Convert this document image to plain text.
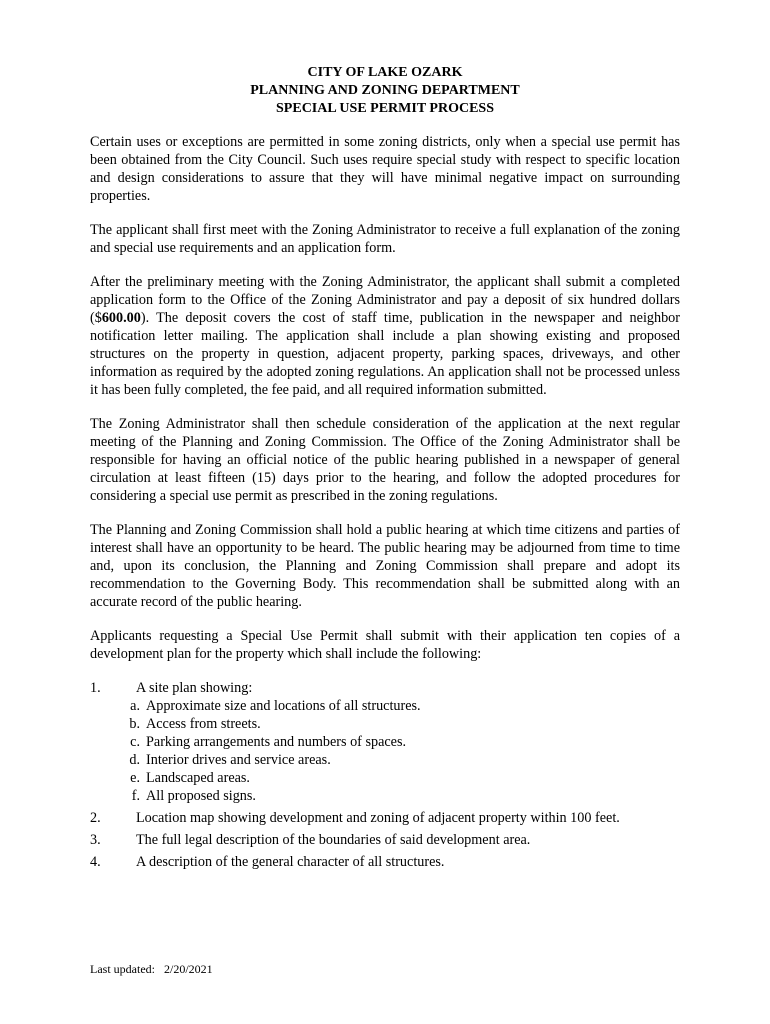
CITY OF LAKE OZARK
PLANNING AND ZONING DEPARTMENT
SPECIAL USE PERMIT PROCESS

Certain uses or exceptions are permitted in some zoning districts, only when a special use permit has been obtained from the City Council. Such uses require special study with respect to specific location and design considerations to assure that they will have minimal negative impact on surrounding properties.

The applicant shall first meet with the Zoning Administrator to receive a full explanation of the zoning and special use requirements and an application form.

After the preliminary meeting with the Zoning Administrator, the applicant shall submit a completed application form to the Office of the Zoning Administrator and pay a deposit of six hundred dollars ($600.00). The deposit covers the cost of staff time, publication in the newspaper and neighbor notification letter mailing. The application shall include a plan showing existing and proposed structures on the property in question, adjacent property, parking spaces, driveways, and other information as required by the adopted zoning regulations. An application shall not be processed unless it has been fully completed, the fee paid, and all required information submitted.

The Zoning Administrator shall then schedule consideration of the application at the next regular meeting of the Planning and Zoning Commission. The Office of the Zoning Administrator shall be responsible for having an official notice of the public hearing published in a newspaper of general circulation at least fifteen (15) days prior to the hearing, and follow the adopted procedures for considering a special use permit as prescribed in the zoning regulations.

The Planning and Zoning Commission shall hold a public hearing at which time citizens and parties of interest shall have an opportunity to be heard. The public hearing may be adjourned from time to time and, upon its conclusion, the Planning and Zoning Commission shall prepare and adopt its recommendation to the Governing Body. This recommendation shall be submitted along with an accurate record of the public hearing.

Applicants requesting a Special Use Permit shall submit with their application ten copies of a development plan for the property which shall include the following:

1.	A site plan showing:
a. Approximate size and locations of all structures.
b. Access from streets.
c. Parking arrangements and numbers of spaces.
d. Interior drives and service areas.
e. Landscaped areas.
f. All proposed signs.
2.	Location map showing development and zoning of adjacent property within 100 feet.
3.	The full legal description of the boundaries of said development area.
4.	A description of the general character of all structures.
Last updated: 2/20/2021
